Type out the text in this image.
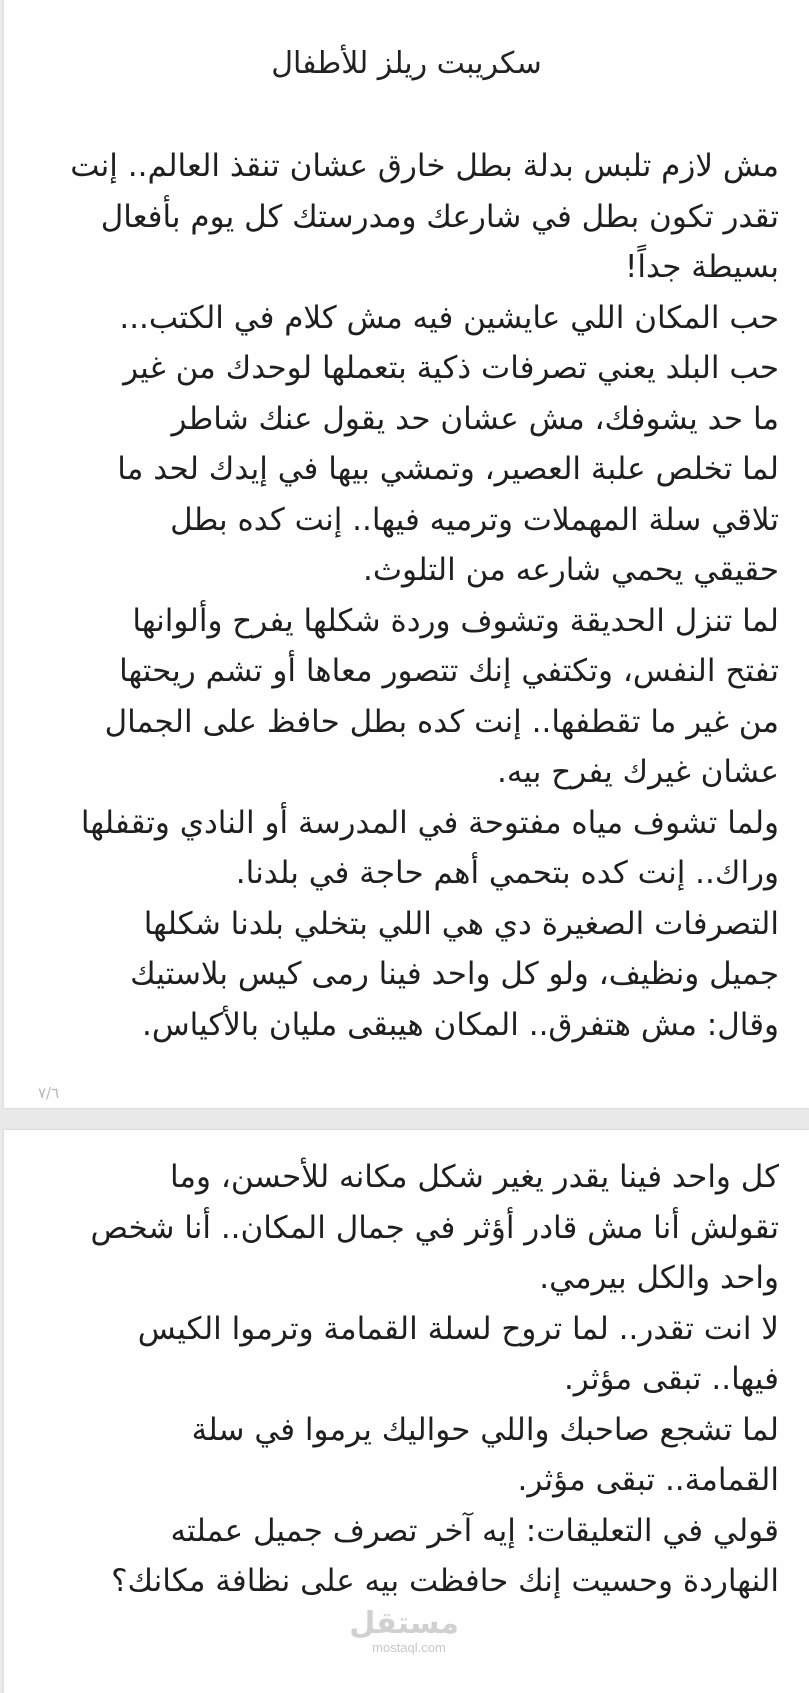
سكريبت ريلز للأطفال
مش لازم تلبس بدلة بطل خارق عشان تنقذ العالم.. إنت
تقدر تكون بطل في شارعك ومدرستك كل يوم بأفعال
بسيطة جداً!
حب المكان اللي عايشين فيه مش كلام في الكتب...
حب البلد يعني تصرفات ذكية بتعملها لوحدك من غير
ما حد يشوفك، مش عشان حد يقول عنك شاطر
لما تخلص علبة العصير، وتمشي بيها في إيدك لحد ما
تلاقي سلة المهملات وترميه فيها.. إنت كده بطل
حقيقي يحمي شارعه من التلوث.
لما تنزل الحديقة وتشوف وردة شكلها يفرح وألوانها
تفتح النفس، وتكتفي إنك تتصور معاها أو تشم ريحتها
من غير ما تقطفها.. إنت كده بطل حافظ على الجمال
عشان غيرك يفرح بيه.
ولما تشوف مياه مفتوحة في المدرسة أو النادي وتقفلها
وراك.. إنت كده بتحمي أهم حاجة في بلدنا.
التصرفات الصغيرة دي هي اللي بتخلي بلدنا شكلها
جميل ونظيف، ولو كل واحد فينا رمى كيس بلاستيك
وقال: مش هتفرق.. المكان هيبقى مليان بالأكياس.
٧/٦
كل واحد فينا يقدر يغير شكل مكانه للأحسن، وما
تقولش أنا مش قادر أؤثر في جمال المكان.. أنا شخص
واحد والكل بيرمي.
لا انت تقدر.. لما تروح لسلة القمامة وترموا الكيس
فيها.. تبقى مؤثر.
لما تشجع صاحبك واللي حواليك يرموا في سلة
القمامة.. تبقى مؤثر.
قولي في التعليقات: إيه آخر تصرف جميل عملته
النهاردة وحسيت إنك حافظت بيه على نظافة مكانك؟
مستقل
mostaql.com
